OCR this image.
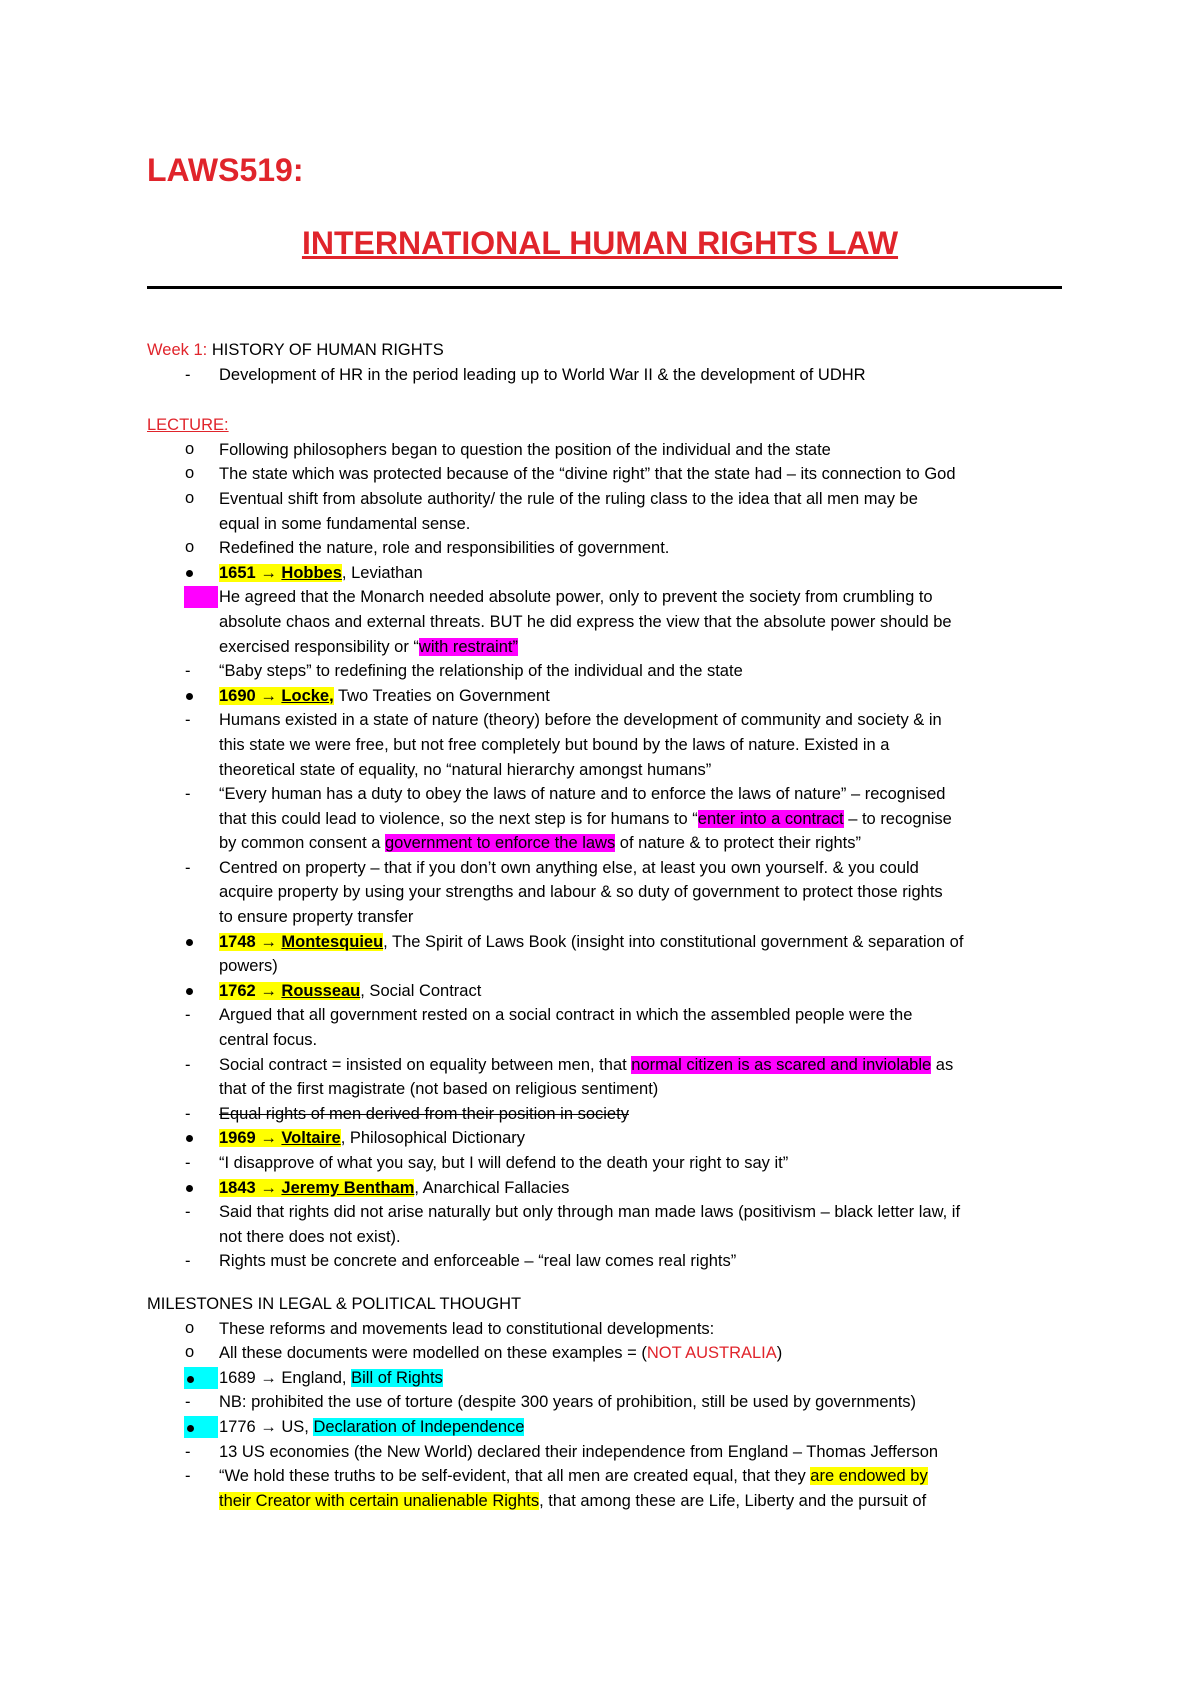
LAWS519:
INTERNATIONAL HUMAN RIGHTS LAW
Week 1: HISTORY OF HUMAN RIGHTS
Development of HR in the period leading up to World War II & the development of UDHR
LECTURE:
Following philosophers began to question the position of the individual and the state
The state which was protected because of the “divine right” that the state had – its connection to God
Eventual shift from absolute authority/ the rule of the ruling class to the idea that all men may be
equal in some fundamental sense.
Redefined the nature, role and responsibilities of government.
1651 → Hobbes, Leviathan
He agreed that the Monarch needed absolute power, only to prevent the society from crumbling to
absolute chaos and external threats. BUT he did express the view that the absolute power should be
exercised responsibility or “with restraint”
“Baby steps” to redefining the relationship of the individual and the state
1690 → Locke, Two Treaties on Government
Humans existed in a state of nature (theory) before the development of community and society & in
this state we were free, but not free completely but bound by the laws of nature. Existed in a
theoretical state of equality, no “natural hierarchy amongst humans”
“Every human has a duty to obey the laws of nature and to enforce the laws of nature” – recognised
that this could lead to violence, so the next step is for humans to “enter into a contract – to recognise
by common consent a government to enforce the laws of nature & to protect their rights”
Centred on property – that if you don’t own anything else, at least you own yourself. & you could
acquire property by using your strengths and labour & so duty of government to protect those rights
to ensure property transfer
1748 → Montesquieu, The Spirit of Laws Book (insight into constitutional government & separation of
powers)
1762 → Rousseau, Social Contract
Argued that all government rested on a social contract in which the assembled people were the
central focus.
Social contract = insisted on equality between men, that normal citizen is as scared and inviolable as
that of the first magistrate (not based on religious sentiment)
Equal rights of men derived from their position in society
1969 → Voltaire, Philosophical Dictionary
“I disapprove of what you say, but I will defend to the death your right to say it”
1843 → Jeremy Bentham, Anarchical Fallacies
Said that rights did not arise naturally but only through man made laws (positivism – black letter law, if
not there does not exist).
Rights must be concrete and enforceable – “real law comes real rights”
MILESTONES IN LEGAL & POLITICAL THOUGHT
These reforms and movements lead to constitutional developments:
All these documents were modelled on these examples = (NOT AUSTRALIA)
1689 → England, Bill of Rights
NB: prohibited the use of torture (despite 300 years of prohibition, still be used by governments)
1776 → US, Declaration of Independence
13 US economies (the New World) declared their independence from England – Thomas Jefferson
“We hold these truths to be self-evident, that all men are created equal, that they are endowed by
their Creator with certain unalienable Rights, that among these are Life, Liberty and the pursuit of
